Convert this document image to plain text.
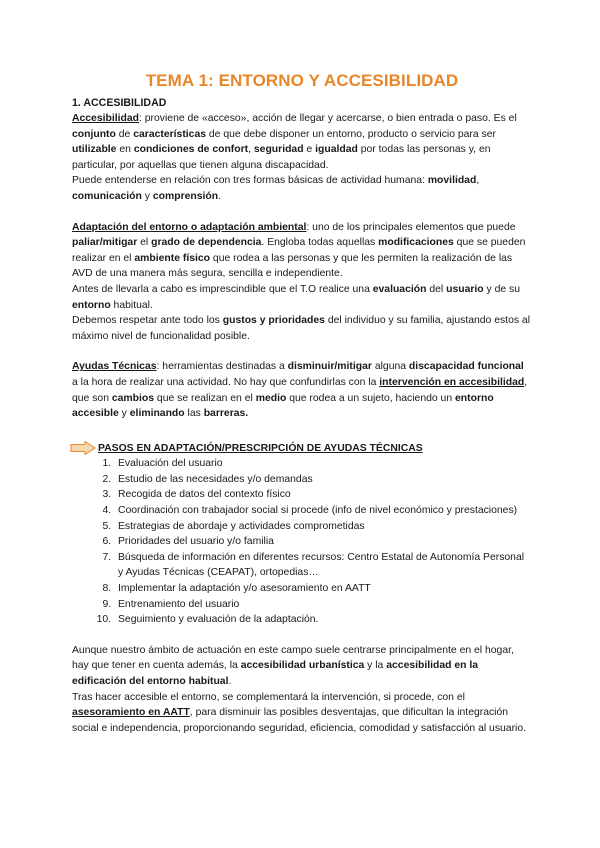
TEMA 1: ENTORNO Y ACCESIBILIDAD
1. ACCESIBILIDAD

Accesibilidad: proviene de «acceso», acción de llegar y acercarse, o bien entrada o paso. Es el conjunto de características de que debe disponer un entorno, producto o servicio para ser utilizable en condiciones de confort, seguridad e igualdad por todas las personas y, en particular, por aquellas que tienen alguna discapacidad.

Puede entenderse en relación con tres formas básicas de actividad humana: movilidad, comunicación y comprensión.

Adaptación del entorno o adaptación ambiental: uno de los principales elementos que puede paliar/mitigar el grado de dependencia. Engloba todas aquellas modificaciones que se pueden realizar en el ambiente físico que rodea a las personas y que les permiten la realización de las AVD de una manera más segura, sencilla e independiente.

Antes de llevarla a cabo es imprescindible que el T.O realice una evaluación del usuario y de su entorno habitual.

Debemos respetar ante todo los gustos y prioridades del individuo y su familia, ajustando estos al máximo nivel de funcionalidad posible.

Ayudas Técnicas: herramientas destinadas a disminuir/mitigar alguna discapacidad funcional a la hora de realizar una actividad. No hay que confundirlas con la intervención en accesibilidad, que son cambios que se realizan en el medio que rodea a un sujeto, haciendo un entorno accesible y eliminando las barreras.

PASOS EN ADAPTACIÓN/PRESCRIPCIÓN DE AYUDAS TÉCNICAS
1. Evaluación del usuario
2. Estudio de las necesidades y/o demandas
3. Recogida de datos del contexto físico
4. Coordinación con trabajador social si procede (info de nivel económico y prestaciones)
5. Estrategias de abordaje y actividades comprometidas
6. Prioridades del usuario y/o familia
7. Búsqueda de información en diferentes recursos: Centro Estatal de Autonomía Personal y Ayudas Técnicas (CEAPAT), ortopedias…
8. Implementar la adaptación y/o asesoramiento en AATT
9. Entrenamiento del usuario
10. Seguimiento y evaluación de la adaptación.

Aunque nuestro ámbito de actuación en este campo suele centrarse principalmente en el hogar, hay que tener en cuenta además, la accesibilidad urbanística y la accesibilidad en la edificación del entorno habitual.

Tras hacer accesible el entorno, se complementará la intervención, si procede, con el asesoramiento en AATT, para disminuir las posibles desventajas, que dificultan la integración social e independencia, proporcionando seguridad, eficiencia, comodidad y satisfacción al usuario.
